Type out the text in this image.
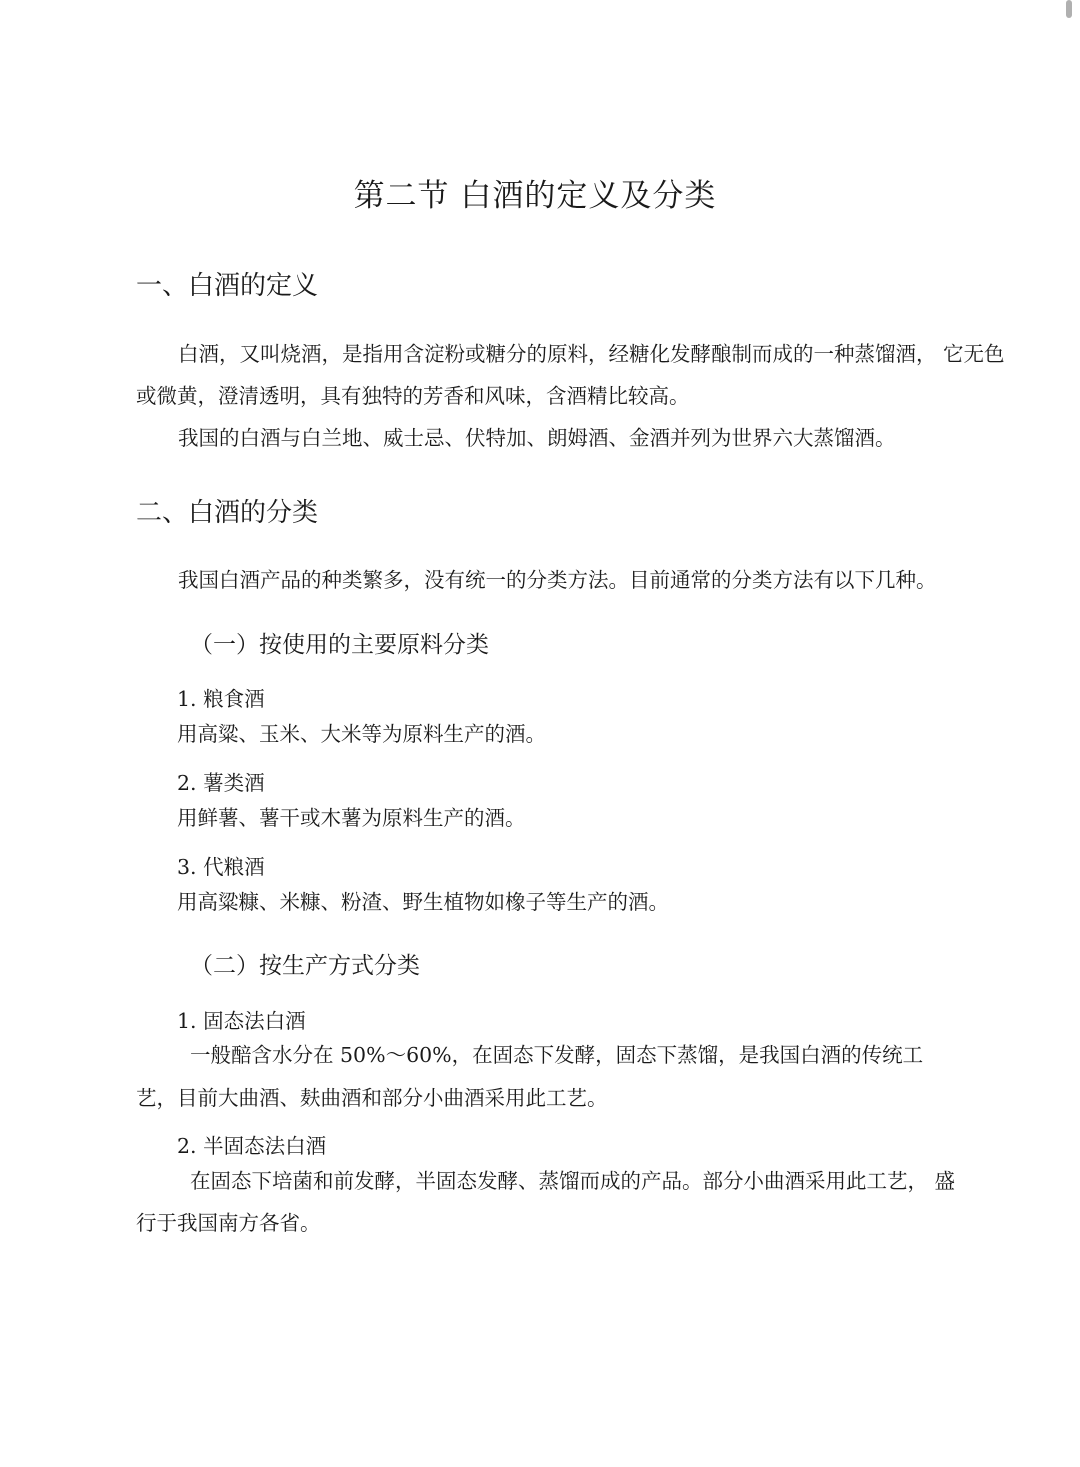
第二节 白酒的定义及分类
一、白酒的定义
白酒，又叫烧酒，是指用含淀粉或糖分的原料，经糖化发酵酿制而成的一种蒸馏酒， 它无色
或微黄，澄清透明，具有独特的芳香和风味，含酒精比较高。
我国的白酒与白兰地、威士忌、伏特加、朗姆酒、金酒并列为世界六大蒸馏酒。
二、白酒的分类
我国白酒产品的种类繁多，没有统一的分类方法。目前通常的分类方法有以下几种。
（一）按使用的主要原料分类
1. 粮食酒
用高粱、玉米、大米等为原料生产的酒。
2. 薯类酒
用鲜薯、薯干或木薯为原料生产的酒。
3. 代粮酒
用高粱糠、米糠、粉渣、野生植物如橡子等生产的酒。
（二）按生产方式分类
1. 固态法白酒
一般醅含水分在 50%～60%，在固态下发酵，固态下蒸馏，是我国白酒的传统工
艺，目前大曲酒、麸曲酒和部分小曲酒采用此工艺。
2. 半固态法白酒
在固态下培菌和前发酵，半固态发酵、蒸馏而成的产品。部分小曲酒采用此工艺， 盛
行于我国南方各省。
